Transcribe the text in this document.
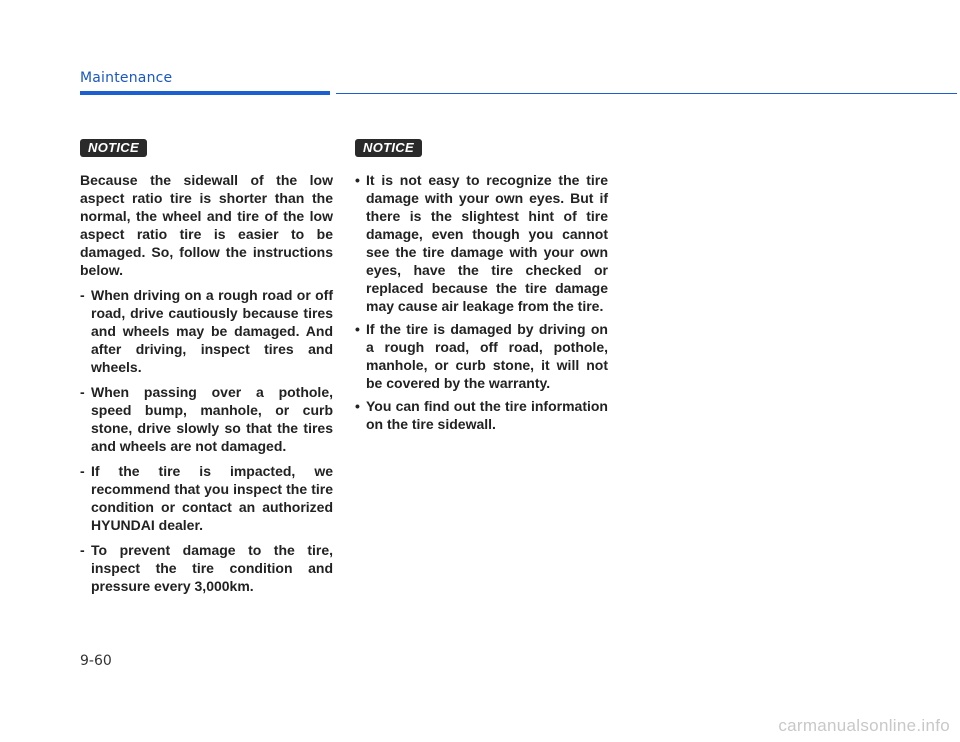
Maintenance
NOTICE

Because the sidewall of the low aspect ratio tire is shorter than the normal, the wheel and tire of the low aspect ratio tire is easier to be damaged. So, follow the instructions below.

- When driving on a rough road or off road, drive cautiously because tires and wheels may be damaged. And after driving, inspect tires and wheels.
- When passing over a pothole, speed bump, manhole, or curb stone, drive slowly so that the tires and wheels are not damaged.
- If the tire is impacted, we recommend that you inspect the tire condition or contact an authorized HYUNDAI dealer.
- To prevent damage to the tire, inspect the tire condition and pressure every 3,000km.
NOTICE
• It is not easy to recognize the tire damage with your own eyes. But if there is the slightest hint of tire damage, even though you cannot see the tire damage with your own eyes, have the tire checked or replaced because the tire damage may cause air leakage from the tire.
• If the tire is damaged by driving on a rough road, off road, pothole, manhole, or curb stone, it will not be covered by the warranty.
• You can find out the tire information on the tire sidewall.
9-60
carmanualsonline.info
